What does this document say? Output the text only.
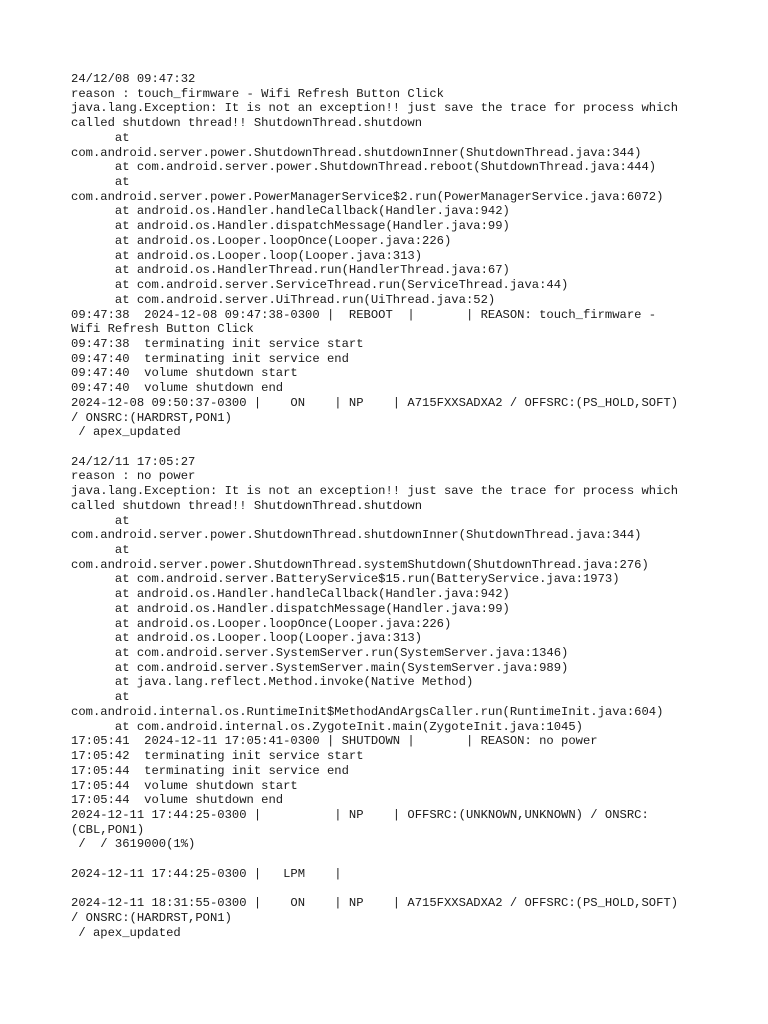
24/12/08 09:47:32
reason : touch_firmware - Wifi Refresh Button Click
java.lang.Exception: It is not an exception!! just save the trace for process which
called shutdown thread!! ShutdownThread.shutdown
at
com.android.server.power.ShutdownThread.shutdownInner(ShutdownThread.java:344)
at com.android.server.power.ShutdownThread.reboot(ShutdownThread.java:444)
at
com.android.server.power.PowerManagerService$2.run(PowerManagerService.java:6072)
at android.os.Handler.handleCallback(Handler.java:942)
at android.os.Handler.dispatchMessage(Handler.java:99)
at android.os.Looper.loopOnce(Looper.java:226)
at android.os.Looper.loop(Looper.java:313)
at android.os.HandlerThread.run(HandlerThread.java:67)
at com.android.server.ServiceThread.run(ServiceThread.java:44)
at com.android.server.UiThread.run(UiThread.java:52)
09:47:38  2024-12-08 09:47:38-0300 |  REBOOT  |       | REASON: touch_firmware -
Wifi Refresh Button Click
09:47:38  terminating init service start
09:47:40  terminating init service end
09:47:40  volume shutdown start
09:47:40  volume shutdown end
2024-12-08 09:50:37-0300 |    ON    | NP    | A715FXXSADXA2 / OFFSRC:(PS_HOLD,SOFT)
/ ONSRC:(HARDRST,PON1)
/ apex_updated
24/12/11 17:05:27
reason : no power
java.lang.Exception: It is not an exception!! just save the trace for process which
called shutdown thread!! ShutdownThread.shutdown
at
com.android.server.power.ShutdownThread.shutdownInner(ShutdownThread.java:344)
at
com.android.server.power.ShutdownThread.systemShutdown(ShutdownThread.java:276)
at com.android.server.BatteryService$15.run(BatteryService.java:1973)
at android.os.Handler.handleCallback(Handler.java:942)
at android.os.Handler.dispatchMessage(Handler.java:99)
at android.os.Looper.loopOnce(Looper.java:226)
at android.os.Looper.loop(Looper.java:313)
at com.android.server.SystemServer.run(SystemServer.java:1346)
at com.android.server.SystemServer.main(SystemServer.java:989)
at java.lang.reflect.Method.invoke(Native Method)
at
com.android.internal.os.RuntimeInit$MethodAndArgsCaller.run(RuntimeInit.java:604)
at com.android.internal.os.ZygoteInit.main(ZygoteInit.java:1045)
17:05:41  2024-12-11 17:05:41-0300 | SHUTDOWN |       | REASON: no power
17:05:42  terminating init service start
17:05:44  terminating init service end
17:05:44  volume shutdown start
17:05:44  volume shutdown end
2024-12-11 17:44:25-0300 |          | NP    | OFFSRC:(UNKNOWN,UNKNOWN) / ONSRC:
(CBL,PON1)
/  / 3619000(1%)
2024-12-11 17:44:25-0300 |   LPM    |
2024-12-11 18:31:55-0300 |    ON    | NP    | A715FXXSADXA2 / OFFSRC:(PS_HOLD,SOFT)
/ ONSRC:(HARDRST,PON1)
/ apex_updated
